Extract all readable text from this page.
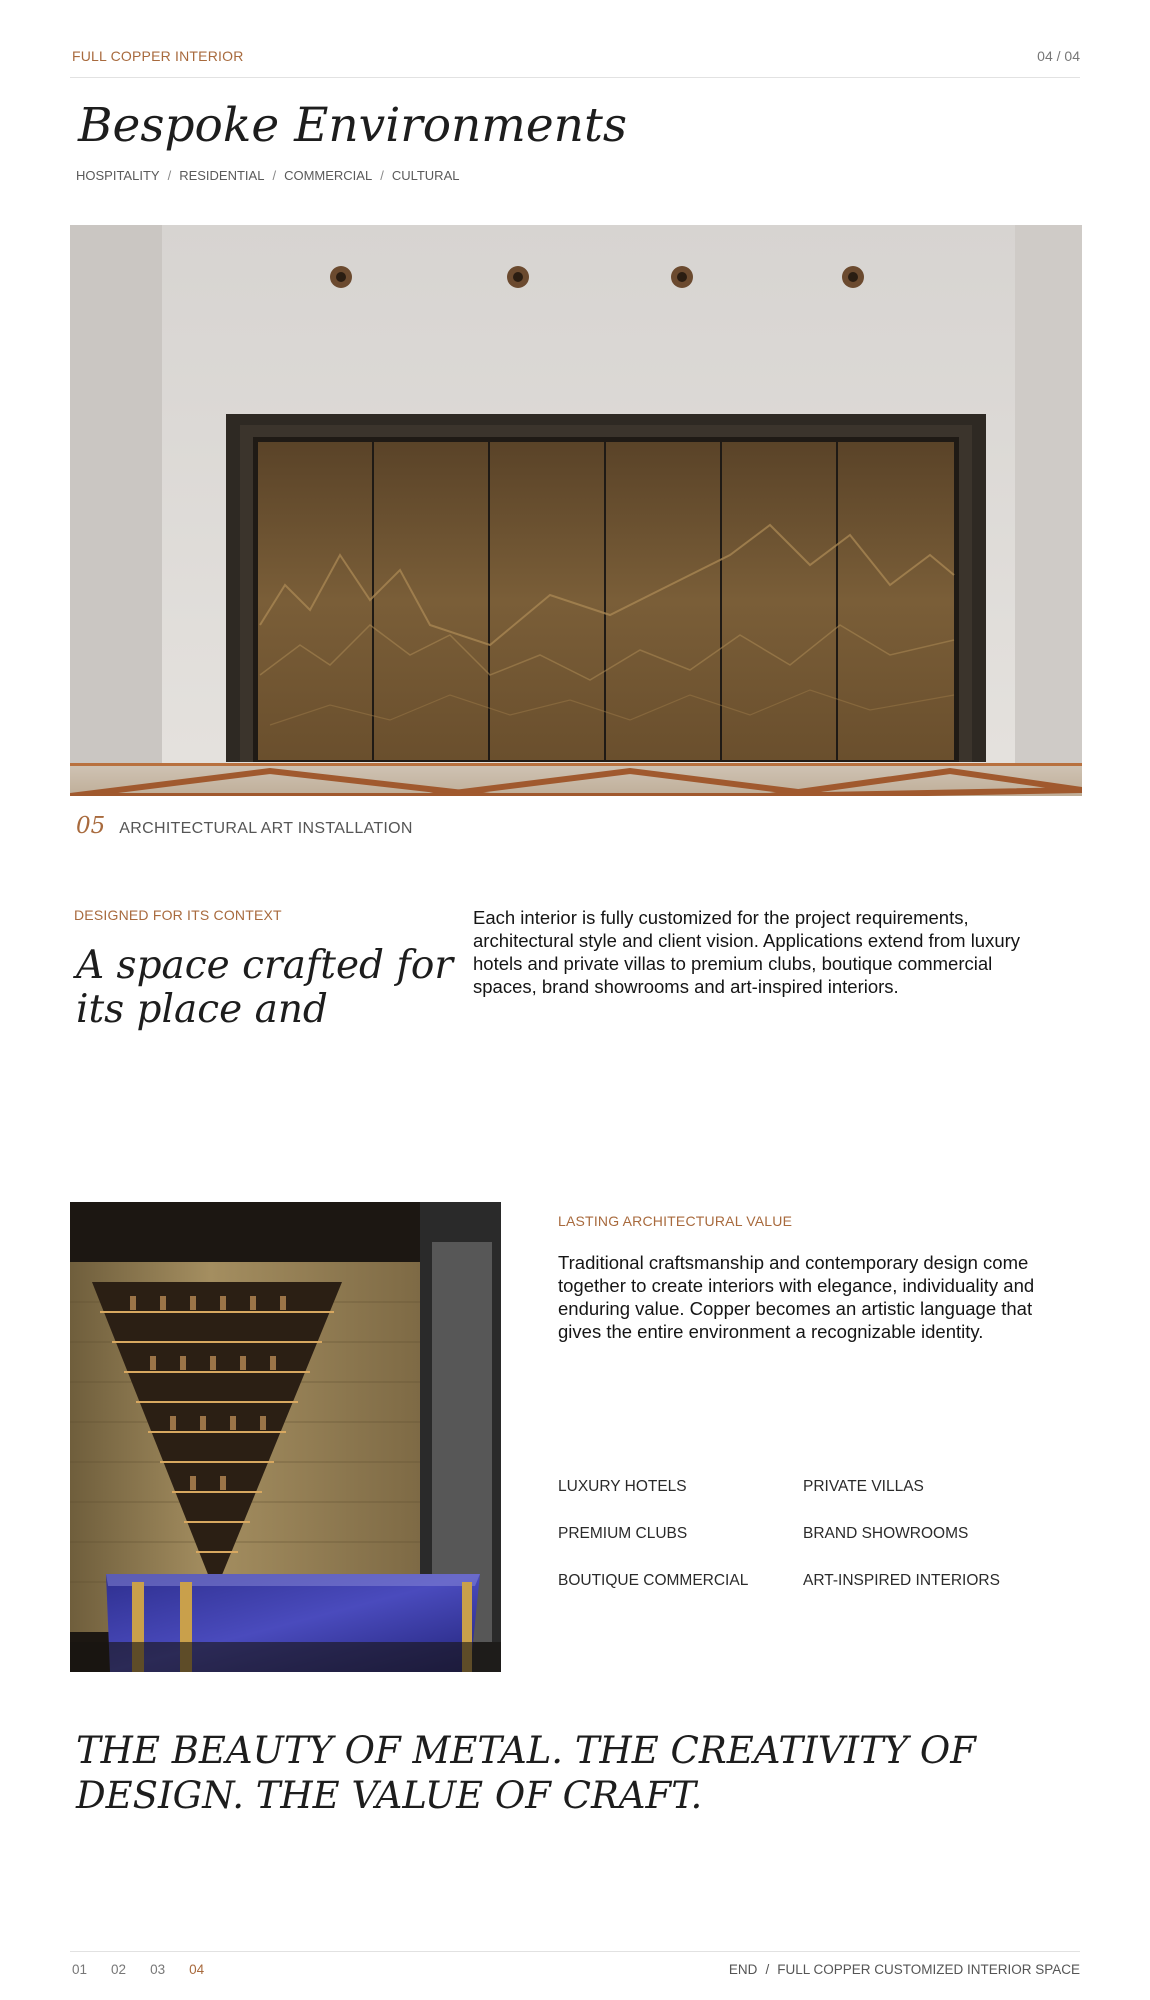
FULL COPPER INTERIOR	04 / 04
Bespoke Environments
HOSPITALITY / RESIDENTIAL / COMMERCIAL / CULTURAL
05 ARCHITECTURAL ART INSTALLATION
DESIGNED FOR ITS CONTEXT
A space crafted for its place and

Each interior is fully customized for the project requirements, architectural style and client vision. Applications extend from luxury hotels and private villas to premium clubs, boutique commercial spaces, brand showrooms and art-inspired interiors.

LASTING ARCHITECTURAL VALUE

Traditional craftsmanship and contemporary design come together to create interiors with elegance, individuality and enduring value. Copper becomes an artistic language that gives the entire environment a recognizable identity.

LUXURY HOTELS	PRIVATE VILLAS
PREMIUM CLUBS	BRAND SHOWROOMS
BOUTIQUE COMMERCIAL	ART-INSPIRED INTERIORS
THE BEAUTY OF METAL. THE CREATIVITY OF DESIGN. THE VALUE OF CRAFT.
01 02 03 04	END / FULL COPPER CUSTOMIZED INTERIOR SPACE
